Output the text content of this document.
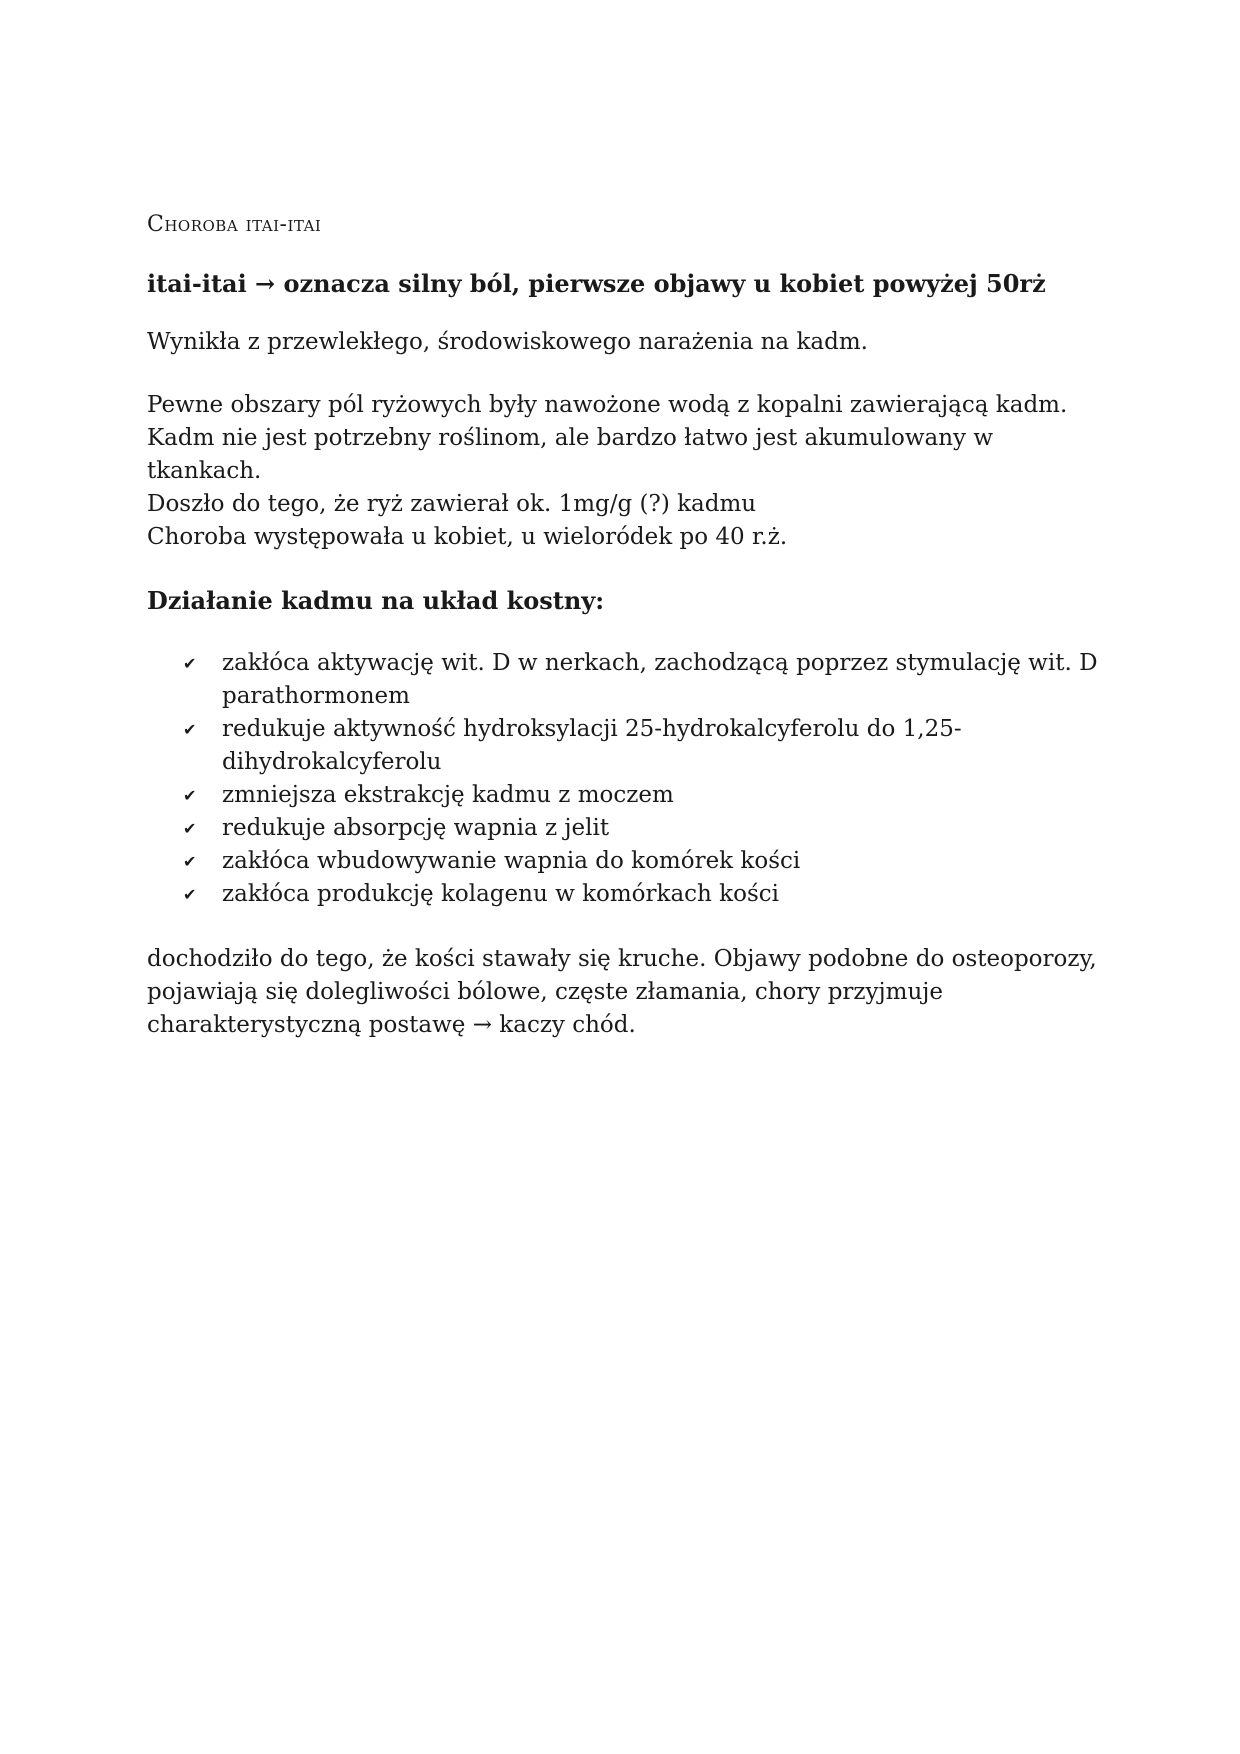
Choroba itai-itai
itai-itai → oznacza silny ból, pierwsze objawy u kobiet powyżej 50rż

Wynikła z przewlekłego, środowiskowego narażenia na kadm.

Pewne obszary pól ryżowych były nawożone wodą z kopalni zawierającą kadm.
Kadm nie jest potrzebny roślinom, ale bardzo łatwo jest akumulowany w
tkankach.
Doszło do tego, że ryż zawierał ok. 1mg/g (?) kadmu
Choroba występowała u kobiet, u wieloródek po 40 r.ż.

Działanie kadmu na układ kostny:
✔ zakłóca aktywację wit. D w nerkach, zachodzącą poprzez stymulację wit. D parathormonem
✔ redukuje aktywność hydroksylacji 25-hydrokalcyferolu do 1,25-dihydrokalcyferolu
✔ zmniejsza ekstrakcję kadmu z moczem
✔ redukuje absorpcję wapnia z jelit
✔ zakłóca wbudowywanie wapnia do komórek kości
✔ zakłóca produkcję kolagenu w komórkach kości

dochodziło do tego, że kości stawały się kruche. Objawy podobne do osteoporozy, pojawiają się dolegliwości bólowe, częste złamania, chory przyjmuje charakterystyczną postawę → kaczy chód.
